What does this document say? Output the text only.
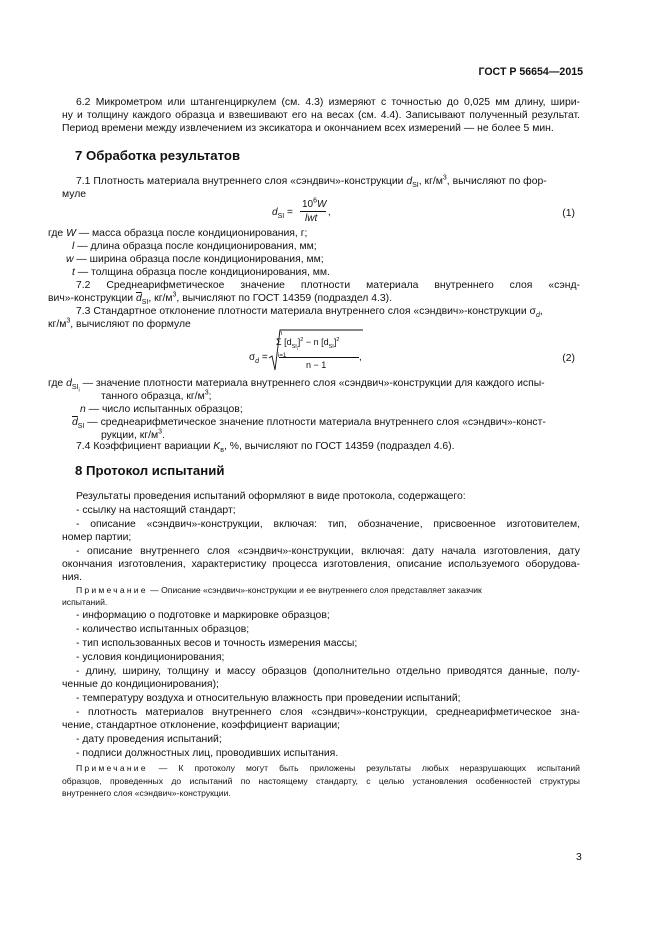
ГОСТ Р 56654—2015
6.2 Микрометром или штангенциркулем (см. 4.3) измеряют с точностью до 0,025 мм длину, шири-
ну и толщину каждого образца и взвешивают его на весах (см. 4.4). Записывают полученный результат.
Период времени между извлечением из эксикатора и окончанием всех измерений — не более 5 мин.
7 Обработка результатов
7.1 Плотность материала внутреннего слоя «сэндвич»-конструкции $d_{SI}$, $кг/м^3$, вычисляют по фор-
муле
$d_{SI}$ =
$10^6W$
lwt
,	(1)
где W — масса образца после кондиционирования, г;
l — длина образца после кондиционирования, мм;
w — ширина образца после кондиционирования, мм;
t — толщина образца после кондиционирования, мм.
7.2 Среднеарифметическое значение плотности материала внутреннего слоя «сэнд-
вич»-конструкции $\overline{d}_{SI}$, $кг/м^3$, вычисляют по ГОСТ 14359 (подраздел 4.3).
7.3 Стандартное отклонение плотности материала внутреннего слоя «сэндвич»-конструкции $\sigma_d$,
$кг/м^3$, вычисляют по формуле
$\sigma_d$ =
n
i=1
Σ $[d_{SI_i}]^2 - n$ $[d_{SI}]^2$
n − 1
,	(2)
где $d_{SI_i}$ — значение плотности материала внутреннего слоя «сэндвич»-конструкции для каждого испы-
танного образца, $кг/м^3$;
n — число испытанных образцов;
$\overline{d}_{SI}$ — среднеарифметическое значение плотности материала внутреннего слоя «сэндвич»-конст-
рукции, $кг/м^3$.
7.4 Коэффициент вариации $K_в$, %, вычисляют по ГОСТ 14359 (подраздел 4.6).
8 Протокол испытаний
Результаты проведения испытаний оформляют в виде протокола, содержащего:
- ссылку на настоящий стандарт;
- описание «сэндвич»-конструкции, включая: тип, обозначение, присвоенное изготовителем,
номер партии;
- описание внутреннего слоя «сэндвич»-конструкции, включая: дату начала изготовления, дату
окончания изготовления, характеристику процесса изготовления, описание используемого оборудова-
ния.
Примечание — Описание «сэндвич»-конструкции и ее внутреннего слоя представляет заказчик
испытаний.
- информацию о подготовке и маркировке образцов;
- количество испытанных образцов;
- тип использованных весов и точность измерения массы;
- условия кондиционирования;
- длину, ширину, толщину и массу образцов (дополнительно отдельно приводятся данные, полу-
ченные до кондиционирования);
- температуру воздуха и относительную влажность при проведении испытаний;
- плотность материалов внутреннего слоя «сэндвич»-конструкции, среднеарифметическое зна-
чение, стандартное отклонение, коэффициент вариации;
- дату проведения испытаний;
- подписи должностных лиц, проводивших испытания.
Примечание — К протоколу могут быть приложены результаты любых неразрушающих испытаний
образцов, проведенных до испытаний по настоящему стандарту, с целью установления особенностей структуры
внутреннего слоя «сэндвич»-конструкции.
3
